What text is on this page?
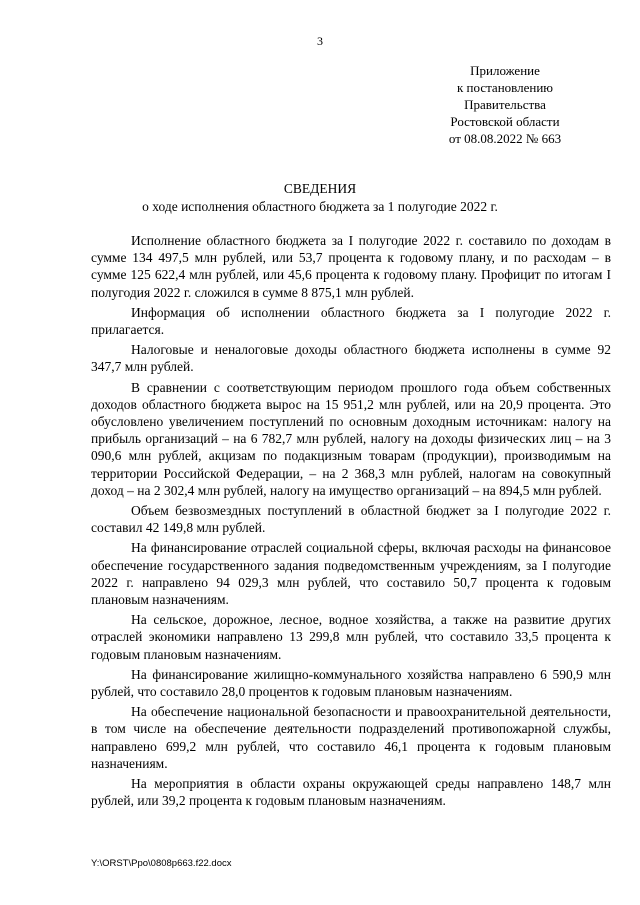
3
Приложение
к постановлению
Правительства
Ростовской области
от 08.08.2022 № 663
СВЕДЕНИЯ
о ходе исполнения областного бюджета за 1 полугодие 2022 г.

Исполнение областного бюджета за I полугодие 2022 г. составило по доходам в сумме 134 497,5 млн рублей, или 53,7 процента к годовому плану, и по расходам – в сумме 125 622,4 млн рублей, или 45,6 процента к годовому плану. Профицит по итогам I полугодия 2022 г. сложился в сумме 8 875,1 млн рублей.

Информация об исполнении областного бюджета за I полугодие 2022 г. прилагается.

Налоговые и неналоговые доходы областного бюджета исполнены в сумме 92 347,7 млн рублей.

В сравнении с соответствующим периодом прошлого года объем собственных доходов областного бюджета вырос на 15 951,2 млн рублей, или на 20,9 процента. Это обусловлено увеличением поступлений по основным доходным источникам: налогу на прибыль организаций – на 6 782,7 млн рублей, налогу на доходы физических лиц – на 3 090,6 млн рублей, акцизам по подакцизным товарам (продукции), производимым на территории Российской Федерации, – на 2 368,3 млн рублей, налогам на совокупный доход – на 2 302,4 млн рублей, налогу на имущество организаций – на 894,5 млн рублей.

Объем безвозмездных поступлений в областной бюджет за I полугодие 2022 г. составил 42 149,8 млн рублей.

На финансирование отраслей социальной сферы, включая расходы на финансовое обеспечение государственного задания подведомственным учреждениям, за I полугодие 2022 г. направлено 94 029,3 млн рублей, что составило 50,7 процента к годовым плановым назначениям.

На сельское, дорожное, лесное, водное хозяйства, а также на развитие других отраслей экономики направлено 13 299,8 млн рублей, что составило 33,5 процента к годовым плановым назначениям.

На финансирование жилищно-коммунального хозяйства направлено 6 590,9 млн рублей, что составило 28,0 процентов к годовым плановым назначениям.

На обеспечение национальной безопасности и правоохранительной деятельности, в том числе на обеспечение деятельности подразделений противопожарной службы, направлено 699,2 млн рублей, что составило 46,1 процента к годовым плановым назначениям.

На мероприятия в области охраны окружающей среды направлено 148,7 млн рублей, или 39,2 процента к годовым плановым назначениям.

Y:\ORST\Ppo\0808p663.f22.docx
